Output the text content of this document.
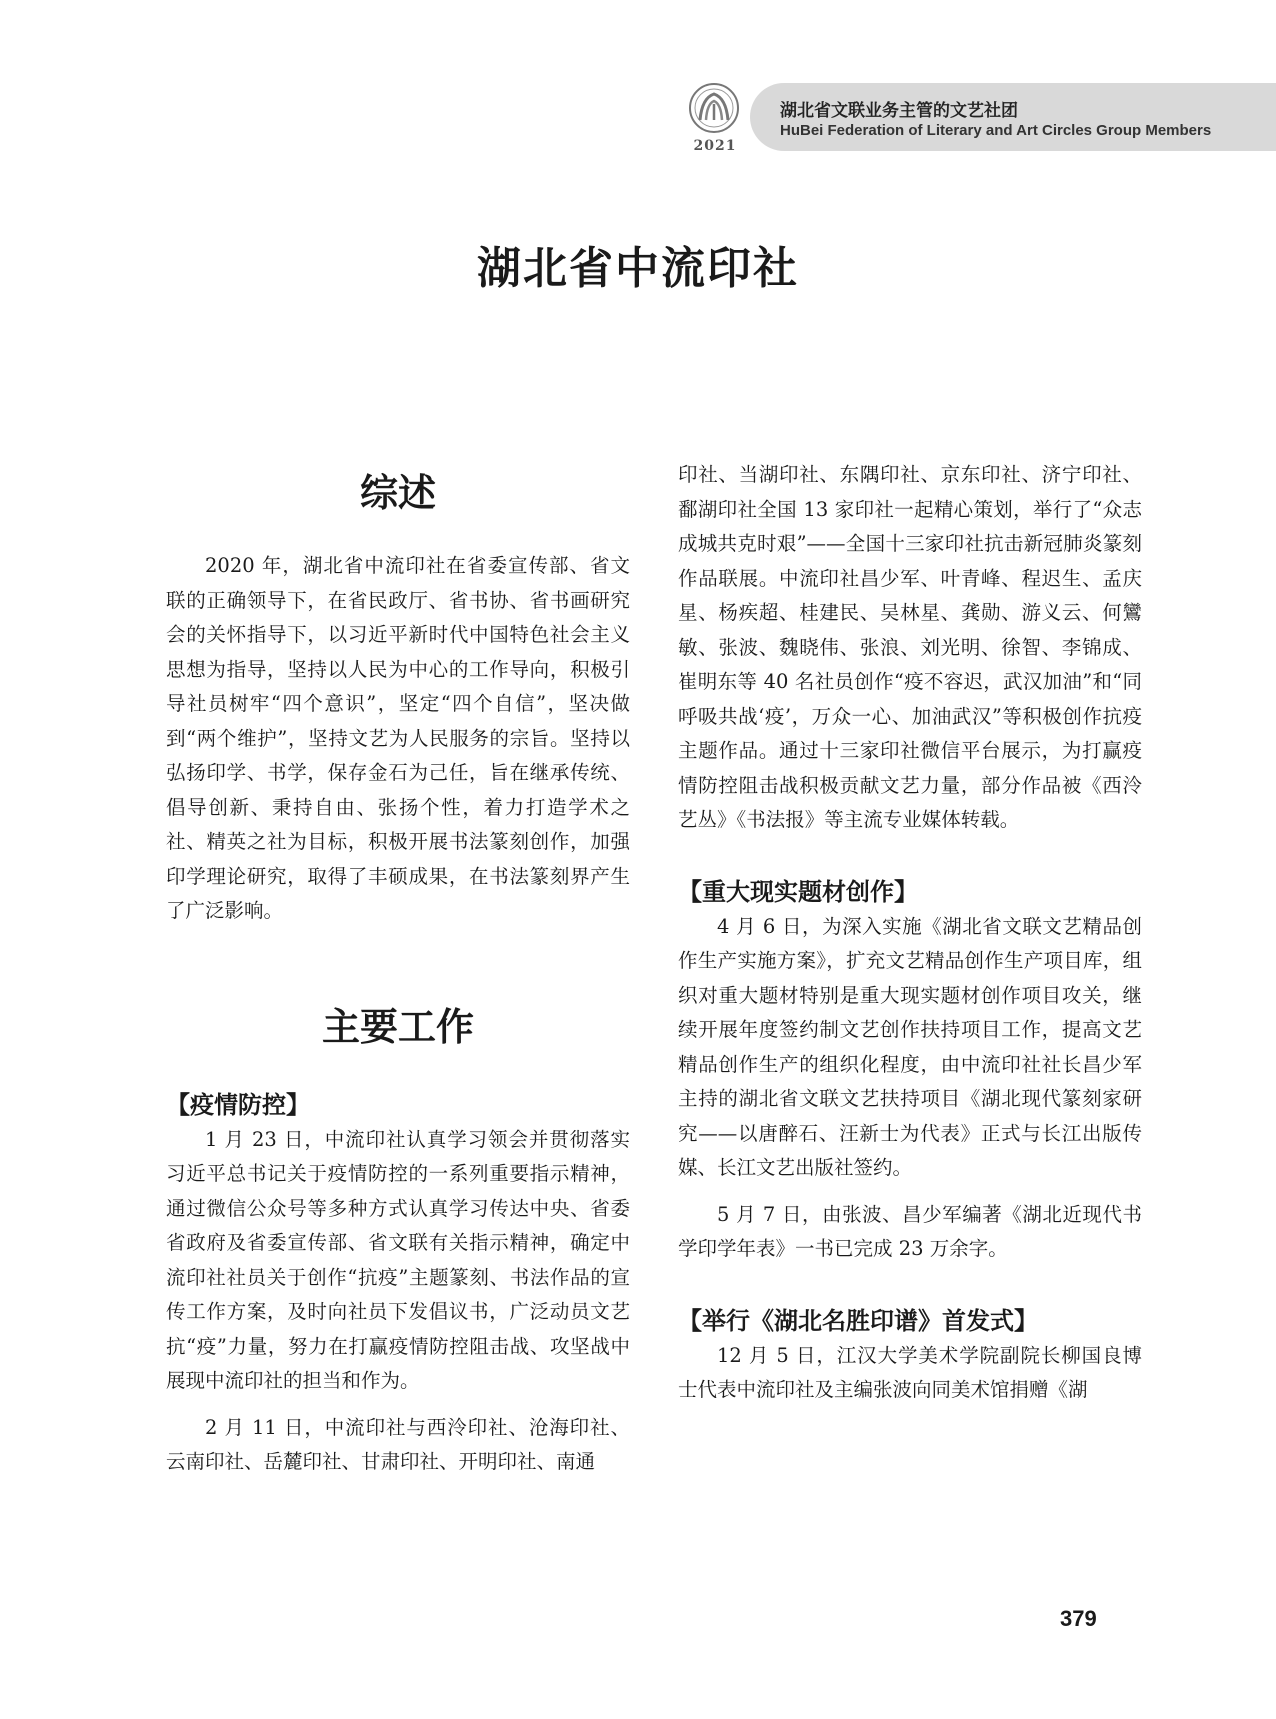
2021
湖北省文联业务主管的文艺社团
HuBei Federation of Literary and Art Circles Group Members
湖北省中流印社
综述

2020 年，湖北省中流印社在省委宣传部、省文联的正确领导下，在省民政厅、省书协、省书画研究会的关怀指导下，以习近平新时代中国特色社会主义思想为指导，坚持以人民为中心的工作导向，积极引导社员树牢“四个意识”，坚定“四个自信”，坚决做到“两个维护”，坚持文艺为人民服务的宗旨。坚持以弘扬印学、书学，保存金石为己任，旨在继承传统、倡导创新、秉持自由、张扬个性，着力打造学术之社、精英之社为目标，积极开展书法篆刻创作，加强印学理论研究，取得了丰硕成果，在书法篆刻界产生了广泛影响。

主要工作
【疫情防控】

1 月 23 日，中流印社认真学习领会并贯彻落实习近平总书记关于疫情防控的一系列重要指示精神，通过微信公众号等多种方式认真学习传达中央、省委省政府及省委宣传部、省文联有关指示精神，确定中流印社社员关于创作“抗疫”主题篆刻、书法作品的宣传工作方案，及时向社员下发倡议书，广泛动员文艺抗“疫”力量，努力在打赢疫情防控阻击战、攻坚战中展现中流印社的担当和作为。

2 月 11 日，中流印社与西泠印社、沧海印社、云南印社、岳麓印社、甘肃印社、开明印社、南通

印社、当湖印社、东隅印社、京东印社、济宁印社、鄱湖印社全国 13 家印社一起精心策划，举行了“众志成城共克时艰”——全国十三家印社抗击新冠肺炎篆刻作品联展。中流印社昌少军、叶青峰、程迟生、孟庆星、杨疾超、桂建民、吴林星、龚勋、游义云、何鸞敏、张波、魏晓伟、张浪、刘光明、徐智、李锦成、崔明东等 40 名社员创作“疫不容迟，武汉加油”和“同呼吸共战‘疫’，万众一心、加油武汉”等积极创作抗疫主题作品。通过十三家印社微信平台展示，为打赢疫情防控阻击战积极贡献文艺力量，部分作品被《西泠艺丛》《书法报》等主流专业媒体转载。

【重大现实题材创作】

4 月 6 日，为深入实施《湖北省文联文艺精品创作生产实施方案》，扩充文艺精品创作生产项目库，组织对重大题材特别是重大现实题材创作项目攻关，继续开展年度签约制文艺创作扶持项目工作，提高文艺精品创作生产的组织化程度，由中流印社社长昌少军主持的湖北省文联文艺扶持项目《湖北现代篆刻家研究——以唐醉石、汪新士为代表》正式与长江出版传媒、长江文艺出版社签约。

5 月 7 日，由张波、昌少军编著《湖北近现代书学印学年表》一书已完成 23 万余字。

【举行《湖北名胜印谱》首发式】

12 月 5 日，江汉大学美术学院副院长柳国良博士代表中流印社及主编张波向同美术馆捐赠《湖

379
